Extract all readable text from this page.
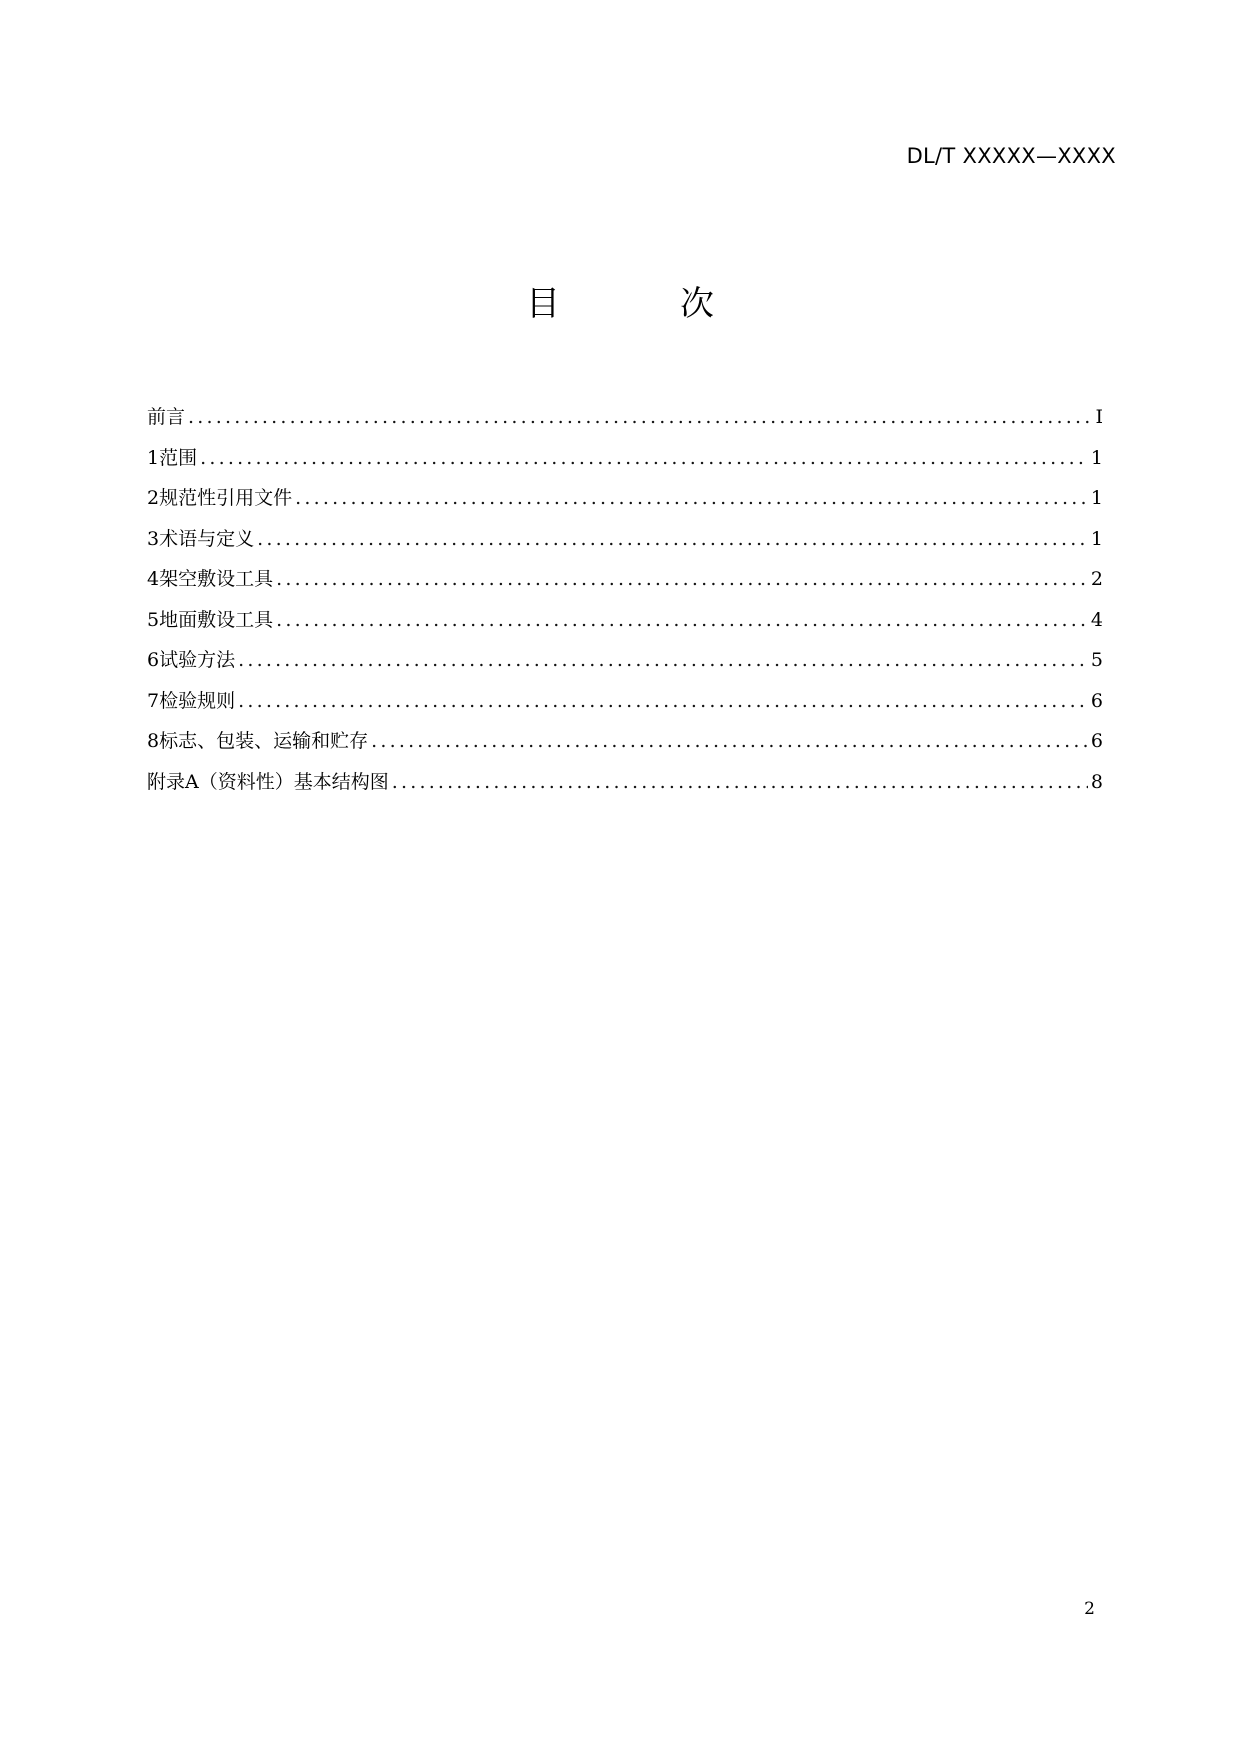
DL/T XXXXX—XXXX
目	次
前言 .....	I
1 范围 .....	1
2 规范性引用文件 .....	1
3 术语与定义 .....	1
4 架空敷设工具 .....	2
5 地面敷设工具 .....	4
6 试验方法 .....	5
7 检验规则 .....	6
8 标志、包装、运输和贮存 .....	6
附录A（资料性）基本结构图 .....	8
2
